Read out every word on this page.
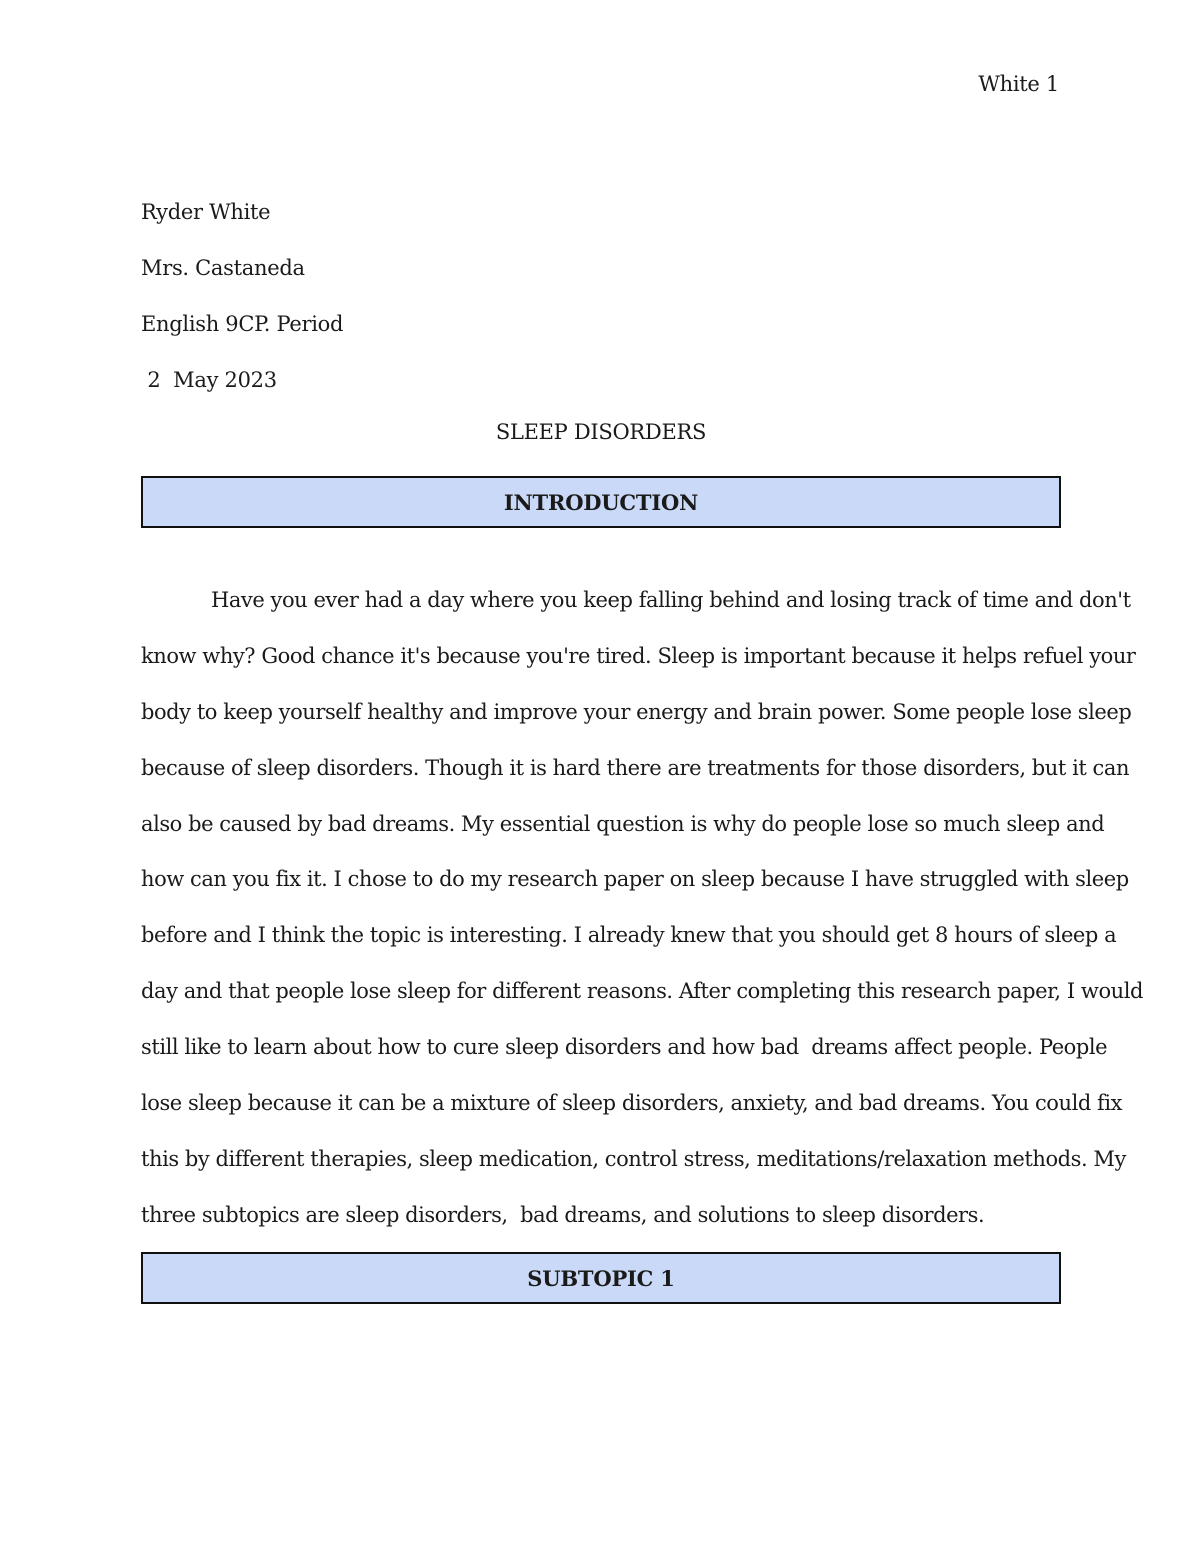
White 1
Ryder White
Mrs. Castaneda
English 9CP. Period
2  May 2023
SLEEP DISORDERS
INTRODUCTION
Have you ever had a day where you keep falling behind and losing track of time and don't
know why? Good chance it's because you're tired. Sleep is important because it helps refuel your
body to keep yourself healthy and improve your energy and brain power. Some people lose sleep
because of sleep disorders. Though it is hard there are treatments for those disorders, but it can
also be caused by bad dreams. My essential question is why do people lose so much sleep and
how can you fix it. I chose to do my research paper on sleep because I have struggled with sleep
before and I think the topic is interesting. I already knew that you should get 8 hours of sleep a
day and that people lose sleep for different reasons. After completing this research paper, I would
still like to learn about how to cure sleep disorders and how bad  dreams affect people. People
lose sleep because it can be a mixture of sleep disorders, anxiety, and bad dreams. You could fix
this by different therapies, sleep medication, control stress, meditations/relaxation methods. My
three subtopics are sleep disorders,  bad dreams, and solutions to sleep disorders.
SUBTOPIC 1
